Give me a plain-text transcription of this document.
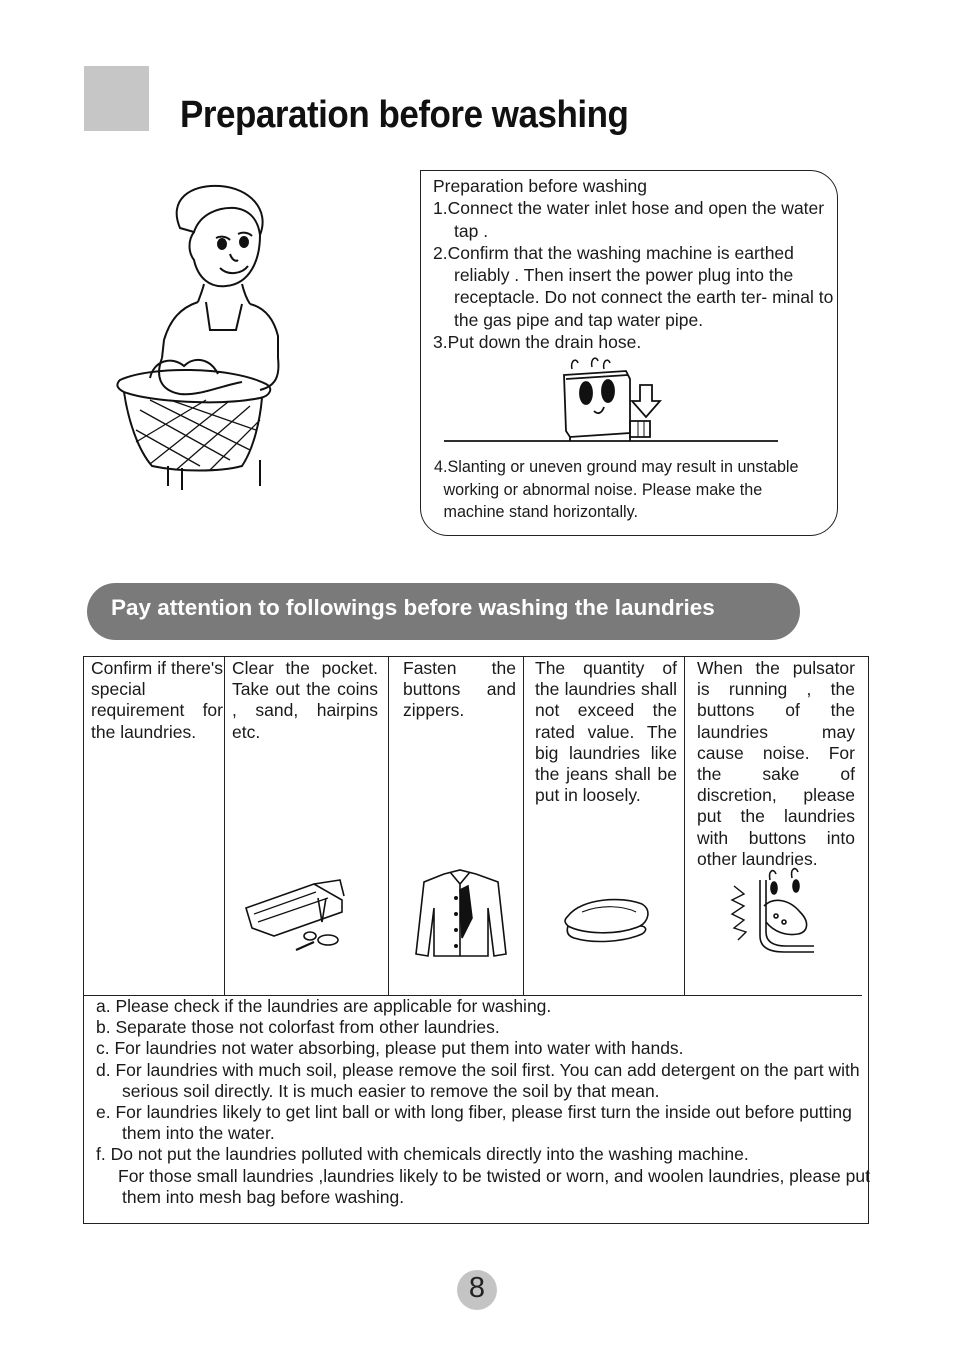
Preparation before washing
Preparation before washing
1.Connect the water inlet hose and open the water tap .
2.Confirm that the washing machine is earthed reliably . Then insert the power plug into the receptacle. Do not connect the earth ter- minal to the gas pipe and tap water pipe.
3.Put down the drain hose.
4.Slanting or uneven ground may result in unstable working or abnormal noise. Please make the machine stand horizontally.
Pay attention to followings before washing the laundries
Confirm if there's special requirement for the laundries.
Clear the pocket. Take out the coins , sand, hairpins etc.
Fasten the buttons and zippers.
The quantity of the laundries shall not exceed the rated value. The big laundries like the jeans shall be put in loosely.
When the pulsator is running , the buttons of the laundries may cause noise. For the sake of discretion, please put the laundries with buttons into other laundries.
a. Please check if the laundries are applicable for washing.
b. Separate those not colorfast from other laundries.
c. For laundries not water absorbing, please put them into water with hands.
d. For laundries with much soil, please remove the soil first. You can add detergent on the part with serious soil directly. It is much easier to remove the soil by that mean.
e. For laundries likely to get lint ball or with long fiber, please first turn the inside out before putting them into the water.
f. Do not put the laundries polluted with chemicals directly into the washing machine.
For those small laundries ,laundries likely to be twisted or worn, and woolen laundries, please put them into mesh bag before washing.
8
